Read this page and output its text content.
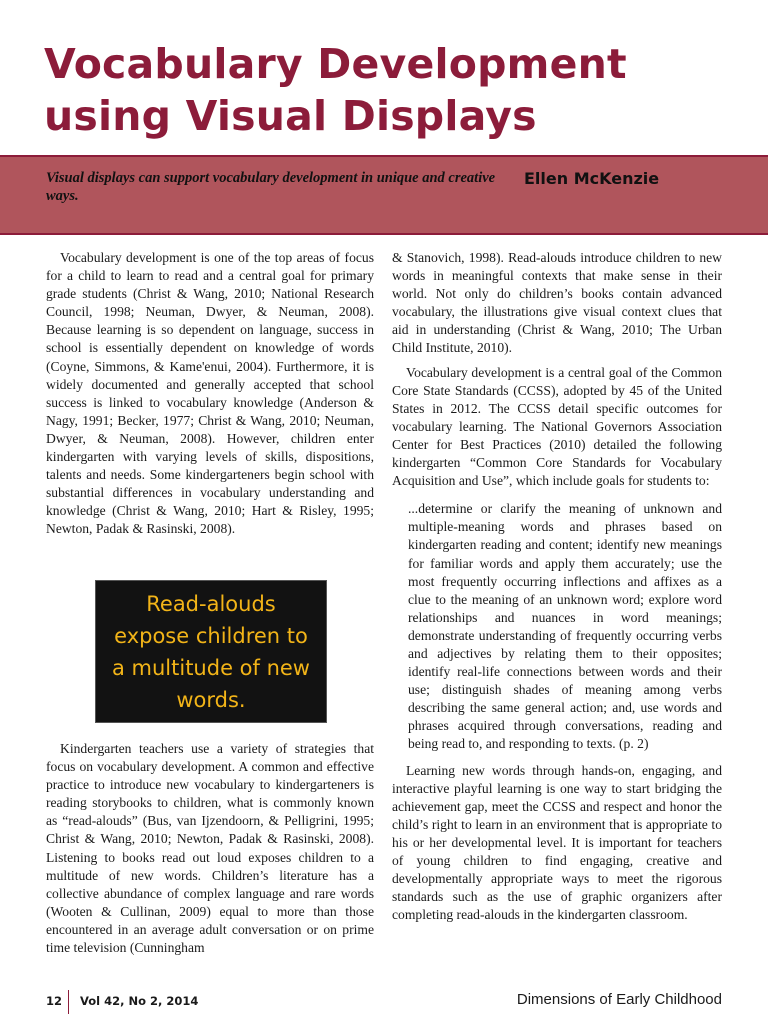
Vocabulary Development
using Visual Displays
Visual displays can support vocabulary development in unique and creative ways.
Ellen McKenzie

Vocabulary development is one of the top areas of focus for a child to learn to read and a central goal for primary grade students (Christ & Wang, 2010; National Research Council, 1998; Neuman, Dwyer, & Neuman, 2008). Because learning is so dependent on language, success in school is essentially dependent on knowledge of words (Coyne, Simmons, & Kame'enui, 2004). Furthermore, it is widely documented and generally accepted that school success is linked to vocabulary knowledge (Anderson & Nagy, 1991; Becker, 1977; Christ & Wang, 2010; Neuman, Dwyer, & Neuman, 2008). However, children enter kindergarten with varying levels of skills, dispositions, talents and needs. Some kindergarteners begin school with substantial differences in vocabulary understanding and knowledge (Christ & Wang, 2010; Hart & Risley, 1995; Newton, Padak & Rasinski, 2008).

Read-alouds expose children to a multitude of new words.

Kindergarten teachers use a variety of strategies that focus on vocabulary development. A common and effective practice to introduce new vocabulary to kindergarteners is reading storybooks to children, what is commonly known as “read-alouds” (Bus, van Ijzendoorn, & Pelligrini, 1995; Christ & Wang, 2010; Newton, Padak & Rasinski, 2008). Listening to books read out loud exposes children to a multitude of new words. Children’s literature has a collective abundance of complex language and rare words (Wooten & Cullinan, 2009) equal to more than those encountered in an average adult conversation or on prime time television (Cunningham

& Stanovich, 1998). Read-alouds introduce children to new words in meaningful contexts that make sense in their world. Not only do children’s books contain advanced vocabulary, the illustrations give visual context clues that aid in understanding (Christ & Wang, 2010; The Urban Child Institute, 2010).

Vocabulary development is a central goal of the Common Core State Standards (CCSS), adopted by 45 of the United States in 2012. The CCSS detail specific outcomes for vocabulary learning. The National Governors Association Center for Best Practices (2010) detailed the following kindergarten “Common Core Standards for Vocabulary Acquisition and Use”, which include goals for students to:

...determine or clarify the meaning of unknown and multiple-meaning words and phrases based on kindergarten reading and content; identify new meanings for familiar words and apply them accurately; use the most frequently occurring inflections and affixes as a clue to the meaning of an unknown word; explore word relationships and nuances in word meanings; demonstrate understanding of frequently occurring verbs and adjectives by relating them to their opposites; identify real-life connections between words and their use; distinguish shades of meaning among verbs describing the same general action; and, use words and phrases acquired through conversations, reading and being read to, and responding to texts. (p. 2)

Learning new words through hands-on, engaging, and interactive playful learning is one way to start bridging the achievement gap, meet the CCSS and respect and honor the child’s right to learn in an environment that is appropriate to his or her developmental level. It is important for teachers of young children to find engaging, creative and developmentally appropriate ways to meet the rigorous standards such as the use of graphic organizers after completing read-alouds in the kindergarten classroom.

12 Vol 42, No 2, 2014	Dimensions of Early Childhood
